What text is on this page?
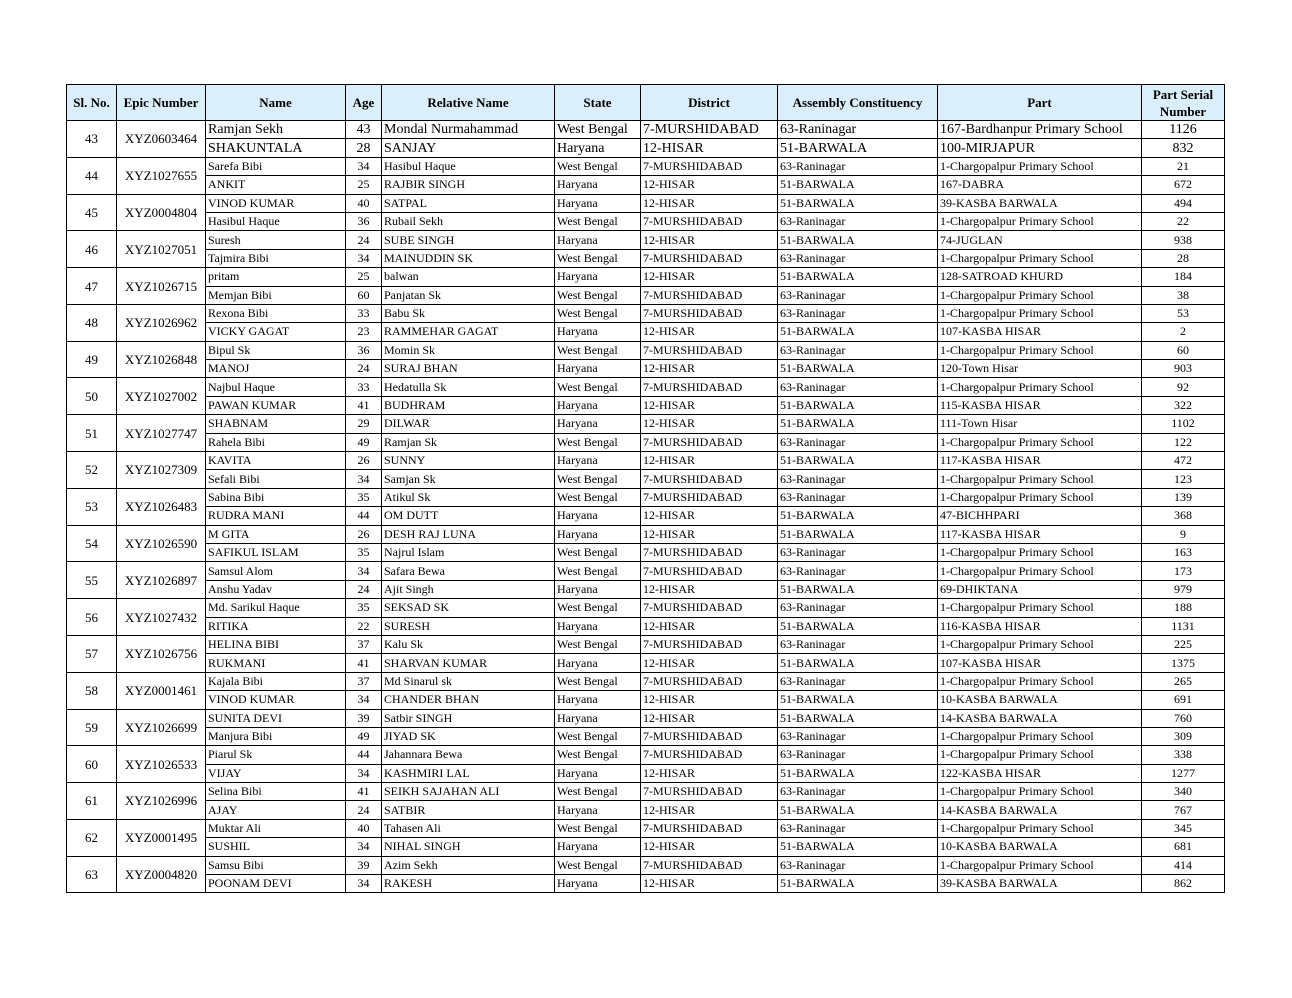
Sl. No.	Epic Number	Name	Age	Relative Name	State	District	Assembly Constituency	Part	Part Serial Number
43	XYZ0603464	Ramjan Sekh	43	Mondal Nurmahammad	West Bengal	7-MURSHIDABAD	63-Raninagar	167-Bardhanpur Primary School	1126
		SHAKUNTALA	28	SANJAY	Haryana	12-HISAR	51-BARWALA	100-MIRJAPUR	832
44	XYZ1027655	Sarefa Bibi	34	Hasibul Haque	West Bengal	7-MURSHIDABAD	63-Raninagar	1-Chargopalpur Primary School	21
		ANKIT	25	RAJBIR SINGH	Haryana	12-HISAR	51-BARWALA	167-DABRA	672
45	XYZ0004804	VINOD KUMAR	40	SATPAL	Haryana	12-HISAR	51-BARWALA	39-KASBA BARWALA	494
		Hasibul Haque	36	Rubail Sekh	West Bengal	7-MURSHIDABAD	63-Raninagar	1-Chargopalpur Primary School	22
46	XYZ1027051	Suresh	24	SUBE SINGH	Haryana	12-HISAR	51-BARWALA	74-JUGLAN	938
		Tajmira Bibi	34	MAINUDDIN SK	West Bengal	7-MURSHIDABAD	63-Raninagar	1-Chargopalpur Primary School	28
47	XYZ1026715	pritam	25	balwan	Haryana	12-HISAR	51-BARWALA	128-SATROAD KHURD	184
		Memjan Bibi	60	Panjatan Sk	West Bengal	7-MURSHIDABAD	63-Raninagar	1-Chargopalpur Primary School	38
48	XYZ1026962	Rexona Bibi	33	Babu Sk	West Bengal	7-MURSHIDABAD	63-Raninagar	1-Chargopalpur Primary School	53
		VICKY GAGAT	23	RAMMEHAR GAGAT	Haryana	12-HISAR	51-BARWALA	107-KASBA HISAR	2
49	XYZ1026848	Bipul Sk	36	Momin Sk	West Bengal	7-MURSHIDABAD	63-Raninagar	1-Chargopalpur Primary School	60
		MANOJ	24	SURAJ BHAN	Haryana	12-HISAR	51-BARWALA	120-Town Hisar	903
50	XYZ1027002	Najbul Haque	33	Hedatulla Sk	West Bengal	7-MURSHIDABAD	63-Raninagar	1-Chargopalpur Primary School	92
		PAWAN KUMAR	41	BUDHRAM	Haryana	12-HISAR	51-BARWALA	115-KASBA HISAR	322
51	XYZ1027747	SHABNAM	29	DILWAR	Haryana	12-HISAR	51-BARWALA	111-Town Hisar	1102
		Rahela Bibi	49	Ramjan Sk	West Bengal	7-MURSHIDABAD	63-Raninagar	1-Chargopalpur Primary School	122
52	XYZ1027309	KAVITA	26	SUNNY	Haryana	12-HISAR	51-BARWALA	117-KASBA HISAR	472
		Sefali Bibi	34	Samjan Sk	West Bengal	7-MURSHIDABAD	63-Raninagar	1-Chargopalpur Primary School	123
53	XYZ1026483	Sabina Bibi	35	Atikul Sk	West Bengal	7-MURSHIDABAD	63-Raninagar	1-Chargopalpur Primary School	139
		RUDRA MANI	44	OM DUTT	Haryana	12-HISAR	51-BARWALA	47-BICHHPARI	368
54	XYZ1026590	M GITA	26	DESH RAJ LUNA	Haryana	12-HISAR	51-BARWALA	117-KASBA HISAR	9
		SAFIKUL ISLAM	35	Najrul Islam	West Bengal	7-MURSHIDABAD	63-Raninagar	1-Chargopalpur Primary School	163
55	XYZ1026897	Samsul Alom	34	Safara Bewa	West Bengal	7-MURSHIDABAD	63-Raninagar	1-Chargopalpur Primary School	173
		Anshu Yadav	24	Ajit Singh	Haryana	12-HISAR	51-BARWALA	69-DHIKTANA	979
56	XYZ1027432	Md. Sarikul Haque	35	SEKSAD SK	West Bengal	7-MURSHIDABAD	63-Raninagar	1-Chargopalpur Primary School	188
		RITIKA	22	SURESH	Haryana	12-HISAR	51-BARWALA	116-KASBA HISAR	1131
57	XYZ1026756	HELINA BIBI	37	Kalu Sk	West Bengal	7-MURSHIDABAD	63-Raninagar	1-Chargopalpur Primary School	225
		RUKMANI	41	SHARVAN KUMAR	Haryana	12-HISAR	51-BARWALA	107-KASBA HISAR	1375
58	XYZ0001461	Kajala Bibi	37	Md Sinarul sk	West Bengal	7-MURSHIDABAD	63-Raninagar	1-Chargopalpur Primary School	265
		VINOD KUMAR	34	CHANDER BHAN	Haryana	12-HISAR	51-BARWALA	10-KASBA BARWALA	691
59	XYZ1026699	SUNITA DEVI	39	Satbir SINGH	Haryana	12-HISAR	51-BARWALA	14-KASBA BARWALA	760
		Manjura Bibi	49	JIYAD SK	West Bengal	7-MURSHIDABAD	63-Raninagar	1-Chargopalpur Primary School	309
60	XYZ1026533	Piarul Sk	44	Jahannara Bewa	West Bengal	7-MURSHIDABAD	63-Raninagar	1-Chargopalpur Primary School	338
		VIJAY	34	KASHMIRI LAL	Haryana	12-HISAR	51-BARWALA	122-KASBA HISAR	1277
61	XYZ1026996	Selina Bibi	41	SEIKH SAJAHAN ALI	West Bengal	7-MURSHIDABAD	63-Raninagar	1-Chargopalpur Primary School	340
		AJAY	24	SATBIR	Haryana	12-HISAR	51-BARWALA	14-KASBA BARWALA	767
62	XYZ0001495	Muktar Ali	40	Tahasen Ali	West Bengal	7-MURSHIDABAD	63-Raninagar	1-Chargopalpur Primary School	345
		SUSHIL	34	NIHAL SINGH	Haryana	12-HISAR	51-BARWALA	10-KASBA BARWALA	681
63	XYZ0004820	Samsu Bibi	39	Azim Sekh	West Bengal	7-MURSHIDABAD	63-Raninagar	1-Chargopalpur Primary School	414
		POONAM DEVI	34	RAKESH	Haryana	12-HISAR	51-BARWALA	39-KASBA BARWALA	862
